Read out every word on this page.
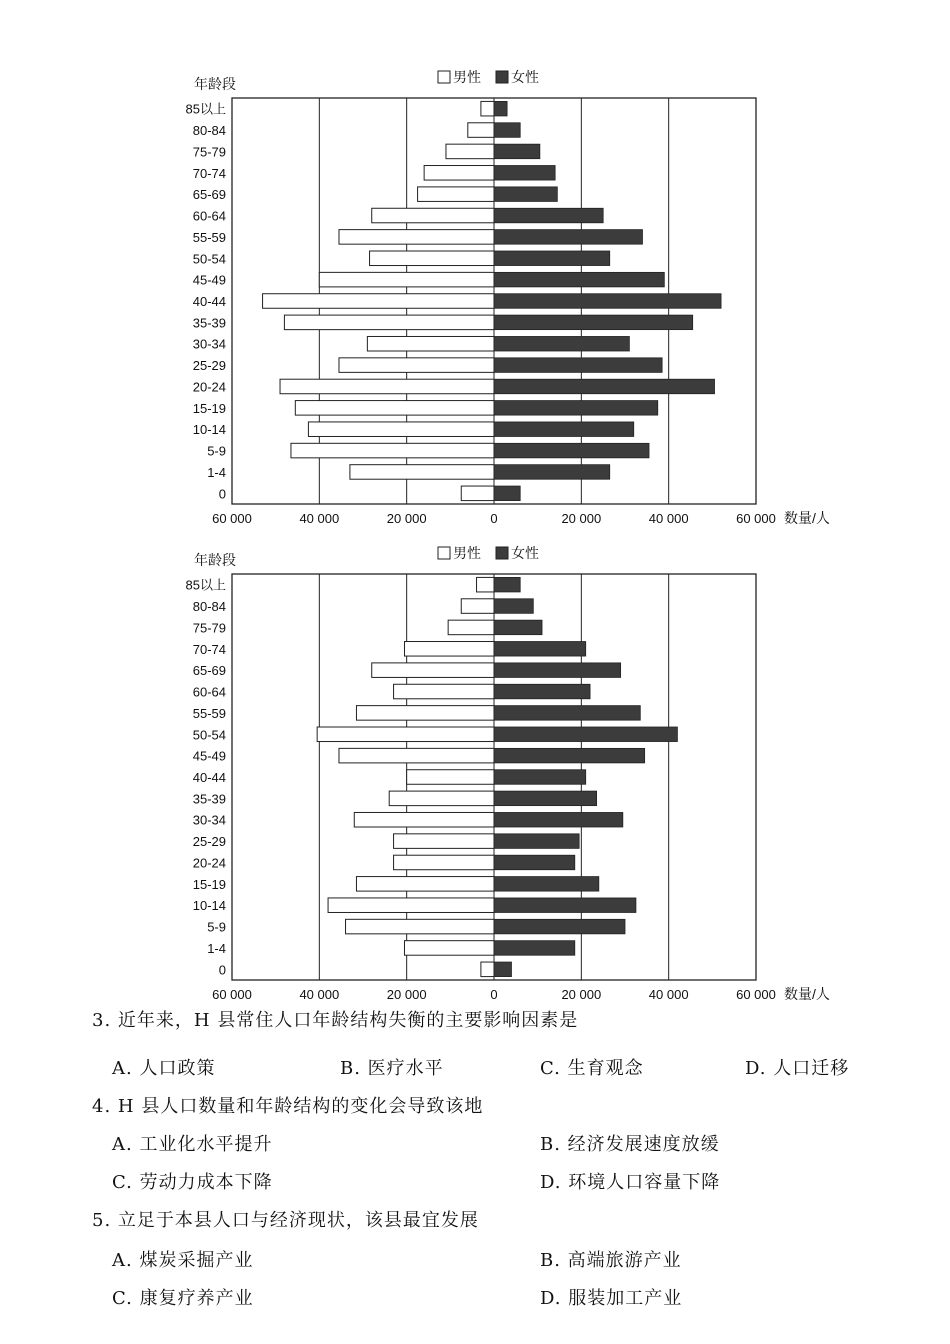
男性 女性
年龄段
85以上
80-84
75-79
70-74
65-69
60-64
55-59
50-54
45-49
40-44
35-39
30-34
25-29
20-24
15-19
10-14
5-9
1-4
0
60 000	40 000	20 000	0	20 000	40 000	60 000 数量/人
男性 女性
年龄段
85以上
80-84
75-79
70-74
65-69
60-64
55-59
50-54
45-49
40-44
35-39
30-34
25-29
20-24
15-19
10-14
5-9
1-4
0
60 000	40 000	20 000	0	20 000	40 000	60 000 数量/人
3. 近年来，H 县常住人口年龄结构失衡的主要影响因素是
A. 人口政策	B. 医疗水平	C. 生育观念	D. 人口迁移
4. H 县人口数量和年龄结构的变化会导致该地
A. 工业化水平提升	B. 经济发展速度放缓
C. 劳动力成本下降	D. 环境人口容量下降
5. 立足于本县人口与经济现状，该县最宜发展
A. 煤炭采掘产业	B. 高端旅游产业
C. 康复疗养产业	D. 服装加工产业
